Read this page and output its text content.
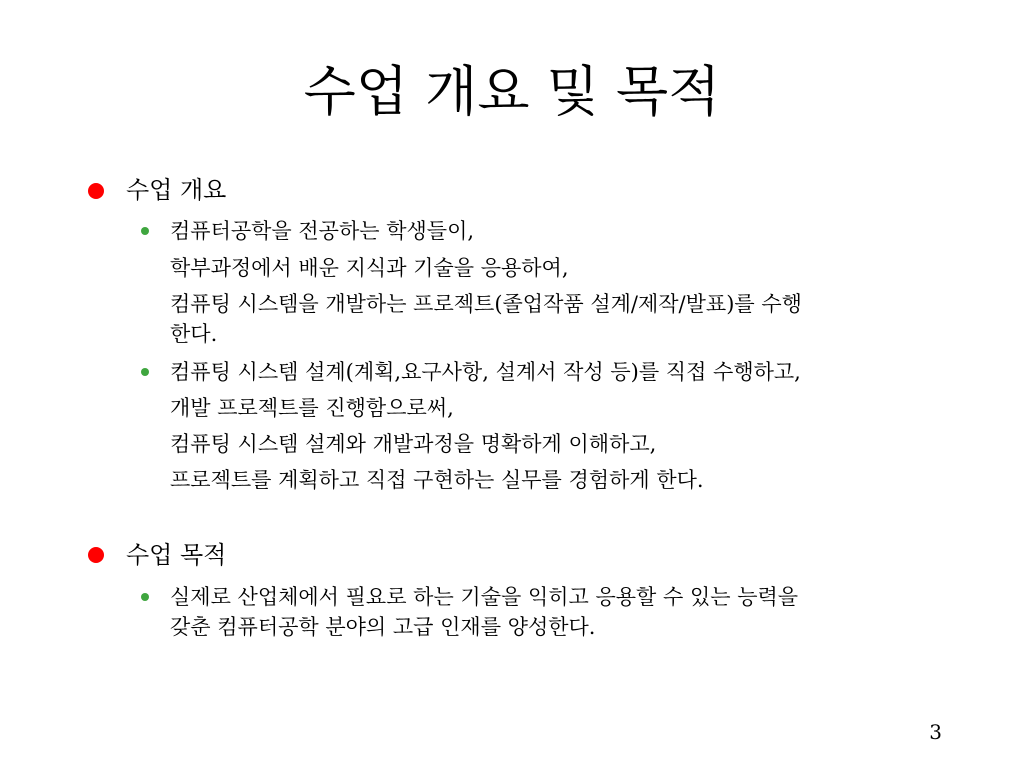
수업 개요 및 목적
수업 개요
컴퓨터공학을 전공하는 학생들이,
학부과정에서 배운 지식과 기술을 응용하여,
컴퓨팅 시스템을 개발하는 프로젝트(졸업작품 설계/제작/발표)를 수행
한다.
컴퓨팅 시스템 설계(계획,요구사항, 설계서 작성 등)를 직접 수행하고,
개발 프로젝트를 진행함으로써,
컴퓨팅 시스템 설계와 개발과정을 명확하게 이해하고,
프로젝트를 계획하고 직접 구현하는 실무를 경험하게 한다.
수업 목적
실제로 산업체에서 필요로 하는 기술을 익히고 응용할 수 있는 능력을
갖춘 컴퓨터공학 분야의 고급 인재를 양성한다.
3
